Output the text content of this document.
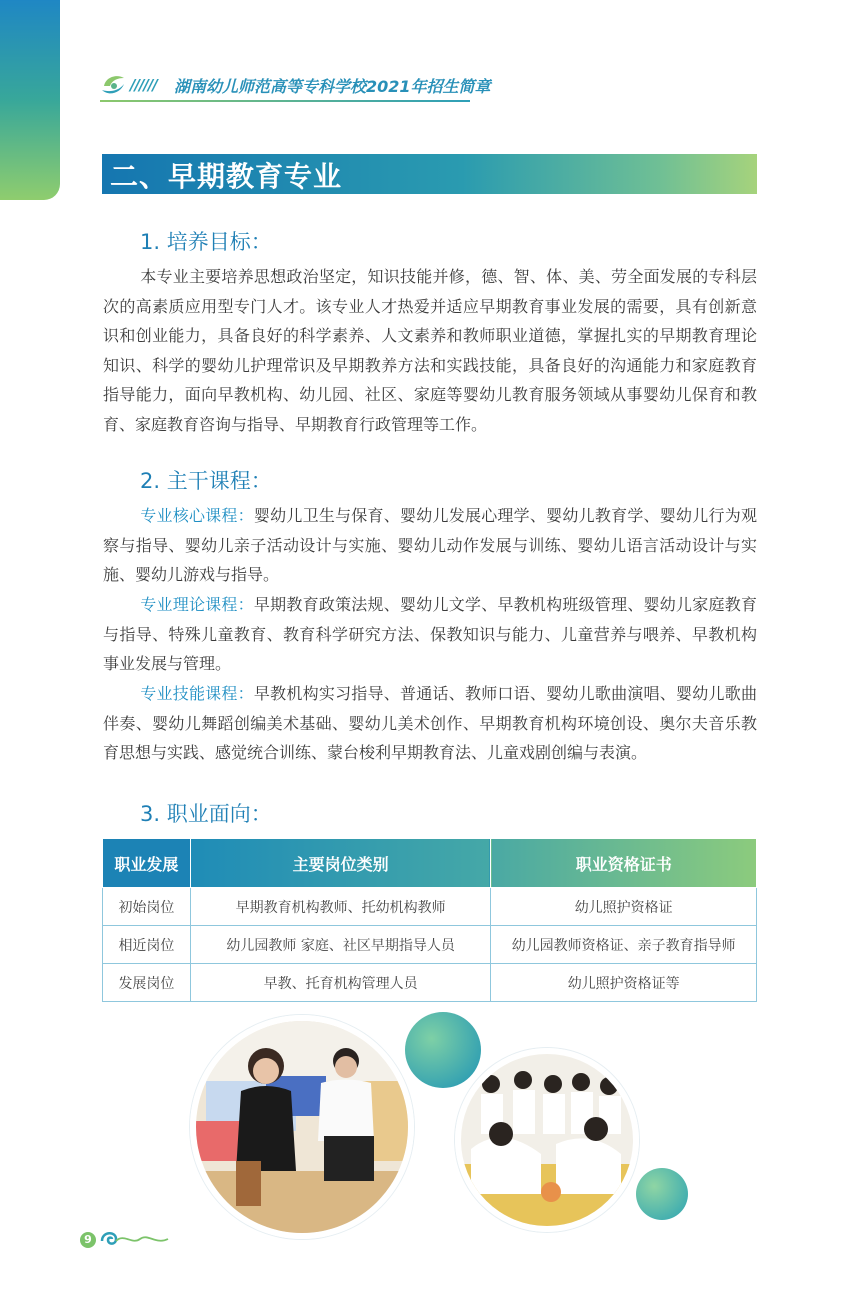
////// 湖南幼儿师范高等专科学校2021年招生简章
二、早期教育专业
1. 培养目标：

本专业主要培养思想政治坚定，知识技能并修，德、智、体、美、劳全面发展的专科层次的高素质应用型专门人才。该专业人才热爱并适应早期教育事业发展的需要，具有创新意识和创业能力，具备良好的科学素养、人文素养和教师职业道德，掌握扎实的早期教育理论知识、科学的婴幼儿护理常识及早期教养方法和实践技能，具备良好的沟通能力和家庭教育指导能力，面向早教机构、幼儿园、社区、家庭等婴幼儿教育服务领域从事婴幼儿保育和教育、家庭教育咨询与指导、早期教育行政管理等工作。

2. 主干课程：

专业核心课程：婴幼儿卫生与保育、婴幼儿发展心理学、婴幼儿教育学、婴幼儿行为观察与指导、婴幼儿亲子活动设计与实施、婴幼儿动作发展与训练、婴幼儿语言活动设计与实施、婴幼儿游戏与指导。

专业理论课程：早期教育政策法规、婴幼儿文学、早教机构班级管理、婴幼儿家庭教育与指导、特殊儿童教育、教育科学研究方法、保教知识与能力、儿童营养与喂养、早教机构事业发展与管理。

专业技能课程：早教机构实习指导、普通话、教师口语、婴幼儿歌曲演唱、婴幼儿歌曲伴奏、婴幼儿舞蹈创编美术基础、婴幼儿美术创作、早期教育机构环境创设、奥尔夫音乐教育思想与实践、感觉统合训练、蒙台梭利早期教育法、儿童戏剧创编与表演。

3. 职业面向：
职业发展	主要岗位类别	职业资格证书
初始岗位	早期教育机构教师、托幼机构教师	幼儿照护资格证
相近岗位	幼儿园教师 家庭、社区早期指导人员	幼儿园教师资格证、亲子教育指导师
发展岗位	早教、托育机构管理人员	幼儿照护资格证等
9
